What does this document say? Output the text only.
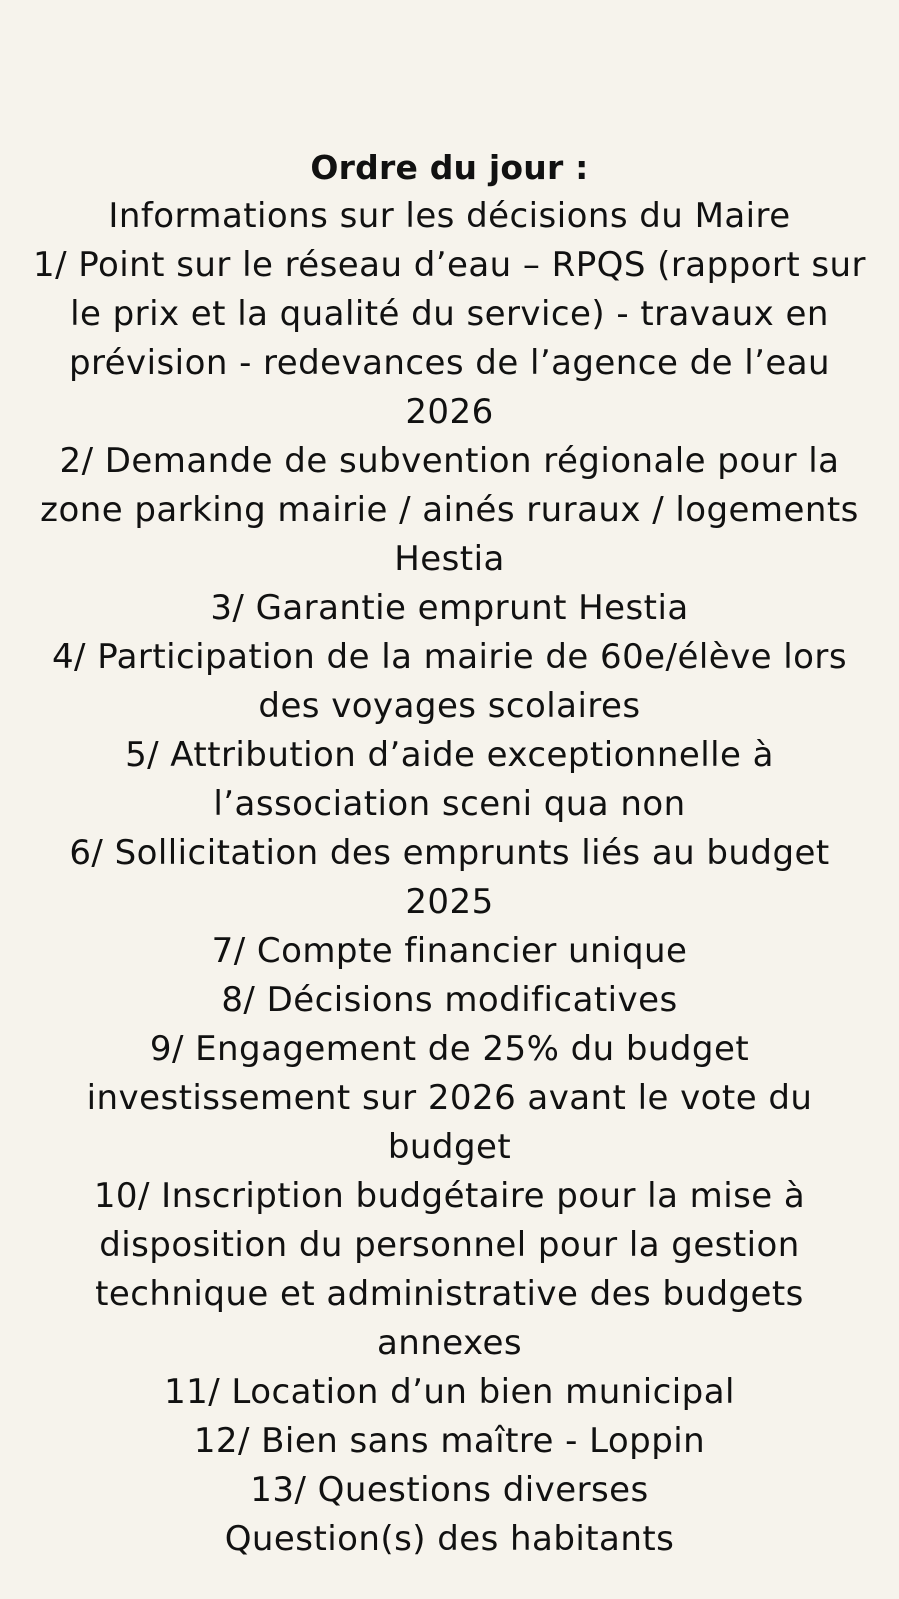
Ordre du jour :

Informations sur les décisions du Maire

1/ Point sur le réseau d’eau – RPQS (rapport sur

le prix et la qualité du service) - travaux en

prévision - redevances de l’agence de l’eau

2026

2/ Demande de subvention régionale pour la

zone parking mairie / ainés ruraux / logements

Hestia

3/ Garantie emprunt Hestia

4/ Participation de la mairie de 60e/élève lors

des voyages scolaires

5/ Attribution d’aide exceptionnelle à

l’association sceni qua non

6/ Sollicitation des emprunts liés au budget

2025

7/ Compte financier unique

8/ Décisions modificatives

9/ Engagement de 25% du budget

investissement sur 2026 avant le vote du

budget

10/ Inscription budgétaire pour la mise à

disposition du personnel pour la gestion

technique et administrative des budgets

annexes

11/ Location d’un bien municipal

12/ Bien sans maître - Loppin

13/ Questions diverses

Question(s) des habitants
